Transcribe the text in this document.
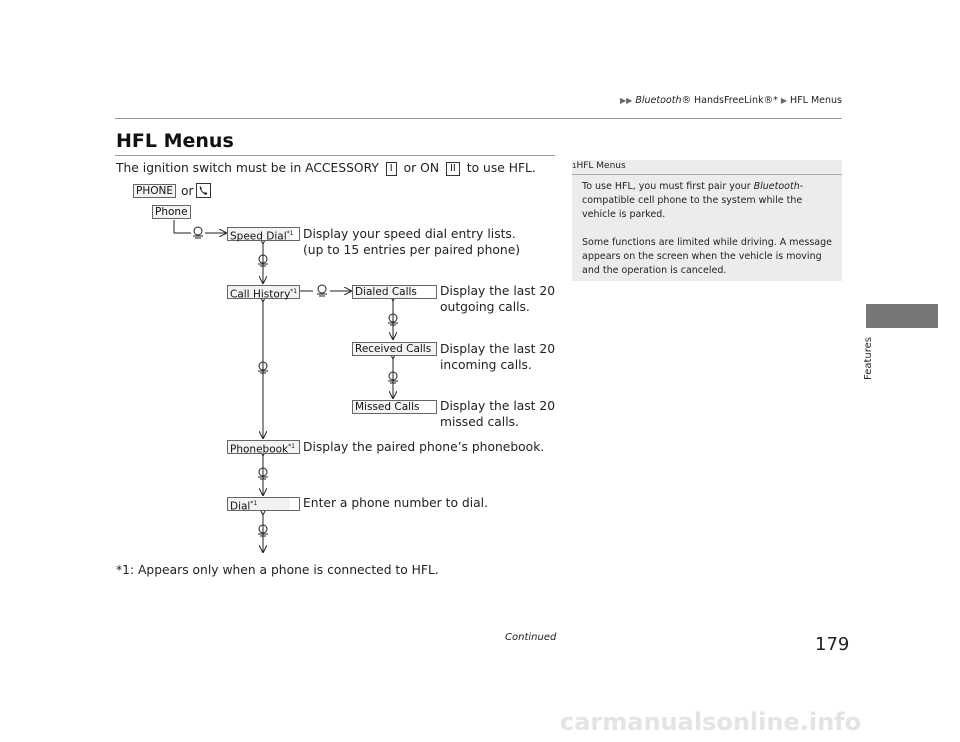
▶▶ Bluetooth® HandsFreeLink®* ▶ HFL Menus
HFL Menus
The ignition switch must be in ACCESSORY I or ON II to use HFL.
PHONE or
Phone
Speed Dial$^{*1}$ Display your speed dial entry lists.
(up to 15 entries per paired phone)
Call History$^{*1}$	Dialed Calls	Display the last 20
outgoing calls.
Received Calls Display the last 20
incoming calls.
Missed Calls	Display the last 20
missed calls.
Phonebook$^{*1}$ Display the paired phone’s phonebook.
Dial$^{*1}$	Enter a phone number to dial.
*1: Appears only when a phone is connected to HFL.
1HFL Menus
To use HFL, you must first pair your Bluetooth-compatible cell phone to the system while the vehicle is parked.
Some functions are limited while driving. A message appears on the screen when the vehicle is moving and the operation is canceled.
Features
Continued	179
carmanualsonline.info
